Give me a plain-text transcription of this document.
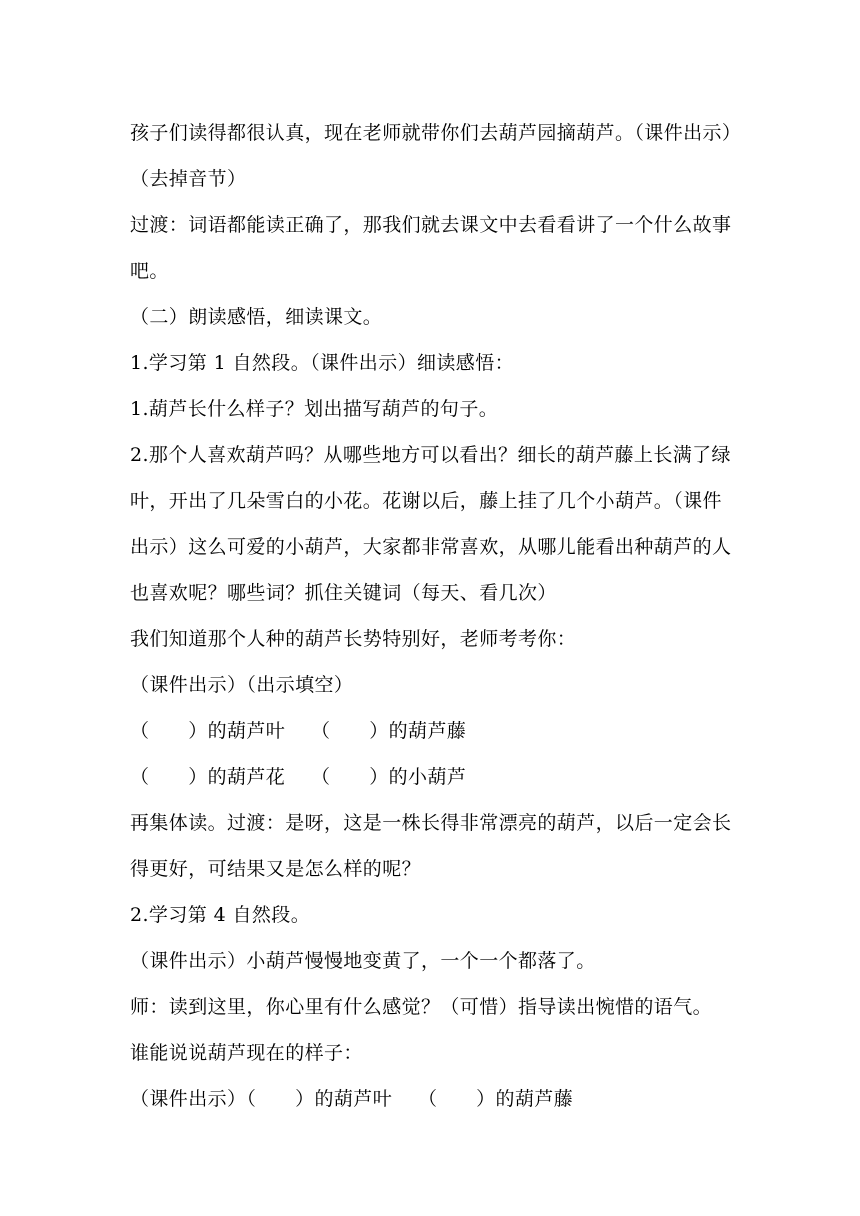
孩子们读得都很认真，现在老师就带你们去葫芦园摘葫芦。（课件出示）（去掉音节）

过渡：词语都能读正确了，那我们就去课文中去看看讲了一个什么故事吧。

（二）朗读感悟，细读课文。

1.学习第 1 自然段。（课件出示）细读感悟：

1.葫芦长什么样子？划出描写葫芦的句子。

2.那个人喜欢葫芦吗？从哪些地方可以看出？细长的葫芦藤上长满了绿叶，开出了几朵雪白的小花。花谢以后，藤上挂了几个小葫芦。（课件出示）这么可爱的小葫芦，大家都非常喜欢，从哪儿能看出种葫芦的人也喜欢呢？哪些词？抓住关键词（每天、看几次）

我们知道那个人种的葫芦长势特别好，老师考考你：

（课件出示）（出示填空）

（　　）的葫芦叶　 （　　）的葫芦藤

（　　）的葫芦花　 （　　）的小葫芦

再集体读。过渡：是呀，这是一株长得非常漂亮的葫芦，以后一定会长得更好，可结果又是怎么样的呢？

2.学习第 4 自然段。

（课件出示）小葫芦慢慢地变黄了，一个一个都落了。

师：读到这里，你心里有什么感觉？（可惜）指导读出惋惜的语气。

谁能说说葫芦现在的样子：

（课件出示）（　　）的葫芦叶　 （　　）的葫芦藤
